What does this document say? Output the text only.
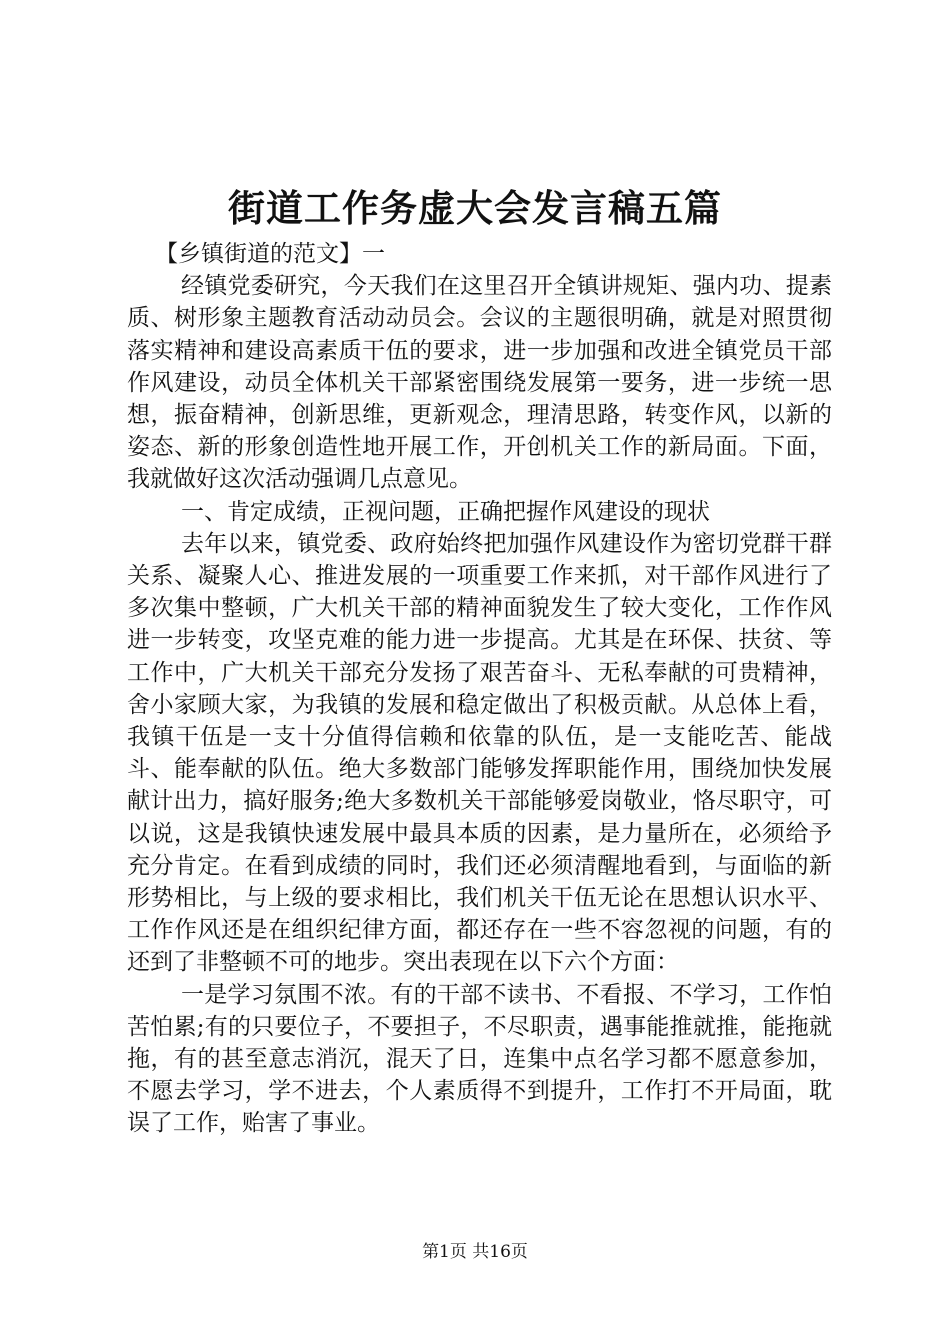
街道工作务虚大会发言稿五篇

【乡镇街道的范文】一

经镇党委研究，今天我们在这里召开全镇讲规矩、强内功、提素质、树形象主题教育活动动员会。会议的主题很明确，就是对照贯彻落实精神和建设高素质干伍的要求，进一步加强和改进全镇党员干部作风建设，动员全体机关干部紧密围绕发展第一要务，进一步统一思想，振奋精神，创新思维，更新观念，理清思路，转变作风，以新的姿态、新的形象创造性地开展工作，开创机关工作的新局面。下面，我就做好这次活动强调几点意见。

一、肯定成绩，正视问题，正确把握作风建设的现状

去年以来，镇党委、政府始终把加强作风建设作为密切党群干群关系、凝聚人心、推进发展的一项重要工作来抓，对干部作风进行了多次集中整顿，广大机关干部的精神面貌发生了较大变化，工作作风进一步转变，攻坚克难的能力进一步提高。尤其是在环保、扶贫、等工作中，广大机关干部充分发扬了艰苦奋斗、无私奉献的可贵精神，舍小家顾大家，为我镇的发展和稳定做出了积极贡献。从总体上看，我镇干伍是一支十分值得信赖和依靠的队伍，是一支能吃苦、能战斗、能奉献的队伍。绝大多数部门能够发挥职能作用，围绕加快发展献计出力，搞好服务;绝大多数机关干部能够爱岗敬业，恪尽职守，可以说，这是我镇快速发展中最具本质的因素，是力量所在，必须给予充分肯定。在看到成绩的同时，我们还必须清醒地看到，与面临的新形势相比，与上级的要求相比，我们机关干伍无论在思想认识水平、工作作风还是在组织纪律方面，都还存在一些不容忽视的问题，有的还到了非整顿不可的地步。突出表现在以下六个方面：

一是学习氛围不浓。有的干部不读书、不看报、不学习，工作怕苦怕累;有的只要位子，不要担子，不尽职责，遇事能推就推，能拖就拖，有的甚至意志消沉，混天了日，连集中点名学习都不愿意参加，不愿去学习，学不进去，个人素质得不到提升，工作打不开局面，耽误了工作，贻害了事业。

第1页 共16页
